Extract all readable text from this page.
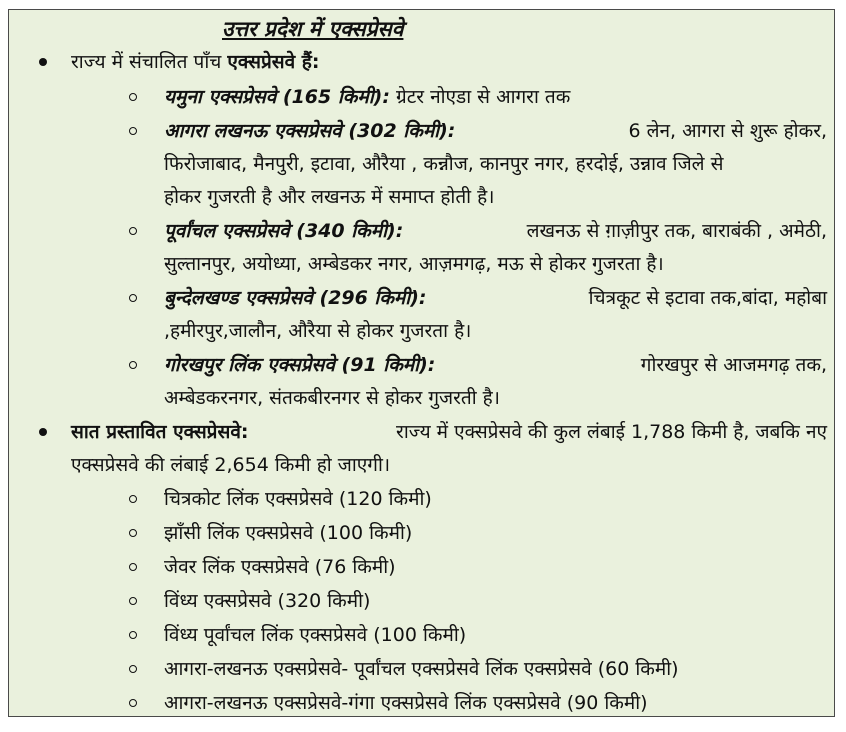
उत्तर प्रदेश में एक्सप्रेसवे
राज्य में संचालित पाँच एक्सप्रेसवे हैं:
यमुना एक्सप्रेसवे (165 किमी): ग्रेटर नोएडा से आगरा तक
आगरा लखनऊ एक्सप्रेसवे (302 किमी):	6 लेन, आगरा से शुरू होकर,
फिरोजाबाद, मैनपुरी, इटावा, औरैया , कन्नौज, कानपुर नगर, हरदोई, उन्नाव जिले से
होकर गुजरती है और लखनऊ में समाप्त होती है।
पूर्वांचल एक्सप्रेसवे (340 किमी):	लखनऊ से ग़ाज़ीपुर तक, बाराबंकी , अमेठी,
सुल्तानपुर, अयोध्या, अम्बेडकर नगर, आज़मगढ़, मऊ से होकर गुजरता है।
बुन्देलखण्ड एक्सप्रेसवे (296 किमी):	चित्रकूट से इटावा तक,बांदा, महोबा
,हमीरपुर,जालौन, औरैया से होकर गुजरता है।
गोरखपुर लिंक एक्सप्रेसवे (91 किमी):	गोरखपुर से आजमगढ़ तक,
अम्बेडकरनगर, संतकबीरनगर से होकर गुजरती है।
सात प्रस्तावित एक्सप्रेसवे:	राज्य में एक्सप्रेसवे की कुल लंबाई 1,788 किमी है, जबकि नए
एक्सप्रेसवे की लंबाई 2,654 किमी हो जाएगी।
चित्रकोट लिंक एक्सप्रेसवे (120 किमी)
झाँसी लिंक एक्सप्रेसवे (100 किमी)
जेवर लिंक एक्सप्रेसवे (76 किमी)
विंध्य एक्सप्रेसवे (320 किमी)
विंध्य पूर्वांचल लिंक एक्सप्रेसवे (100 किमी)
आगरा-लखनऊ एक्सप्रेसवे- पूर्वांचल एक्सप्रेसवे लिंक एक्सप्रेसवे (60 किमी)
आगरा-लखनऊ एक्सप्रेसवे-गंगा एक्सप्रेसवे लिंक एक्सप्रेसवे (90 किमी)
